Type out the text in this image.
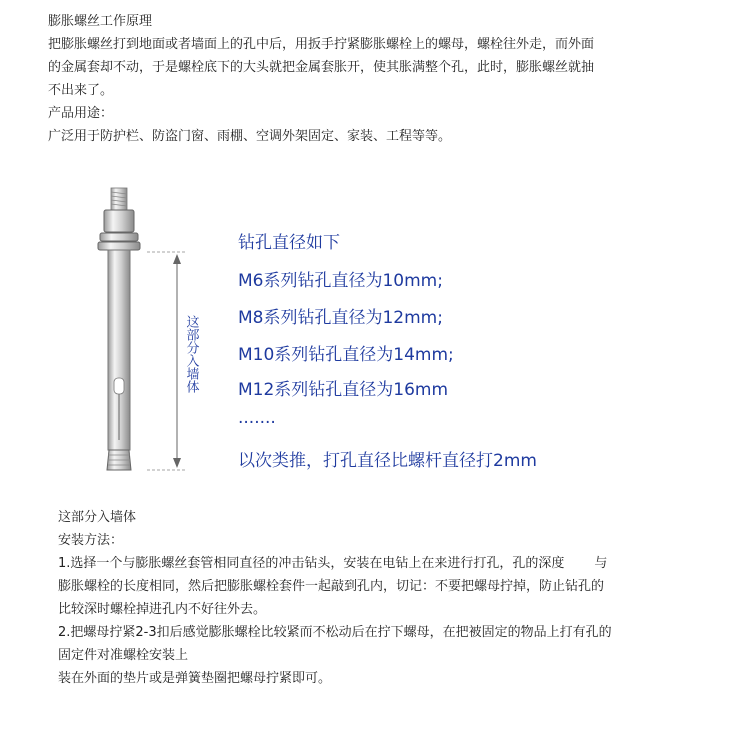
膨胀螺丝工作原理

把膨胀螺丝打到地面或者墙面上的孔中后，用扳手拧紧膨胀螺栓上的螺母，螺栓往外走，而外面

的金属套却不动，于是螺栓底下的大头就把金属套胀开，使其胀满整个孔，此时，膨胀螺丝就抽

不出来了。

产品用途：

广泛用于防护栏、防盗门窗、雨棚、空调外架固定、家装、工程等等。

这部分入墙体
钻孔直径如下
M6系列钻孔直径为10mm;
M8系列钻孔直径为12mm;
M10系列钻孔直径为14mm;
M12系列钻孔直径为16mm
.......
以次类推，打孔直径比螺杆直径打2mm

这部分入墙体

安装方法：

1.选择一个与膨胀螺丝套管相同直径的冲击钻头，安装在电钻上在来进行打孔，孔的深度 与

膨胀螺栓的长度相同，然后把膨胀螺栓套件一起敲到孔内，切记：不要把螺母拧掉，防止钻孔的

比较深时螺栓掉进孔内不好往外去。

2.把螺母拧紧2-3扣后感觉膨胀螺栓比较紧而不松动后在拧下螺母，在把被固定的物品上打有孔的

固定件对准螺栓安装上

装在外面的垫片或是弹簧垫圈把螺母拧紧即可。
